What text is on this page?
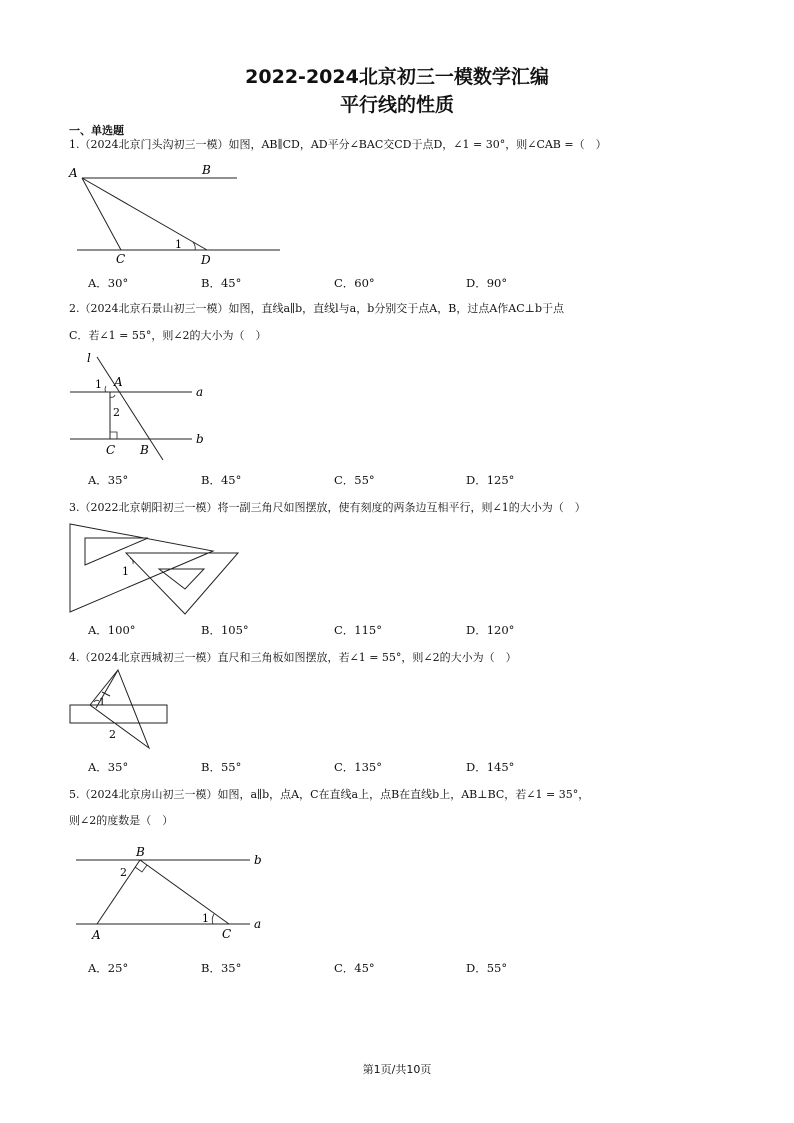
2022-2024北京初三一模数学汇编
平行线的性质
一、单选题
1.（2024北京门头沟初三一模）如图，AB∥CD，AD平分∠BAC交CD于点D，∠1 = 30°，则∠CAB =（　）
A	B
C	D
1
A．30°	B．45°	C．60°	D．90°
2.（2024北京石景山初三一模）如图，直线a∥b，直线l与a，b分别交于点A，B，过点A作AC⊥b于点
C．若∠1 = 55°，则∠2的大小为（　）
l
a
b
A
B
C
1
2
A．35°	B．45°	C．55°	D．125°
3.（2022北京朝阳初三一模）将一副三角尺如图摆放，使有刻度的两条边互相平行，则∠1的大小为（　）
1
A．100°	B．105°	C．115°	D．120°
4.（2024北京西城初三一模）直尺和三角板如图摆放，若∠1 = 55°，则∠2的大小为（　）
1
2
A．35°	B．55°	C．135°	D．145°
5.（2024北京房山初三一模）如图，a∥b，点A，C在直线a上，点B在直线b上，AB⊥BC，若∠1 = 35°，
则∠2的度数是（　）
B
b
a
A	C
2
1
A．25°	B．35°	C．45°	D．55°
第1页/共10页
